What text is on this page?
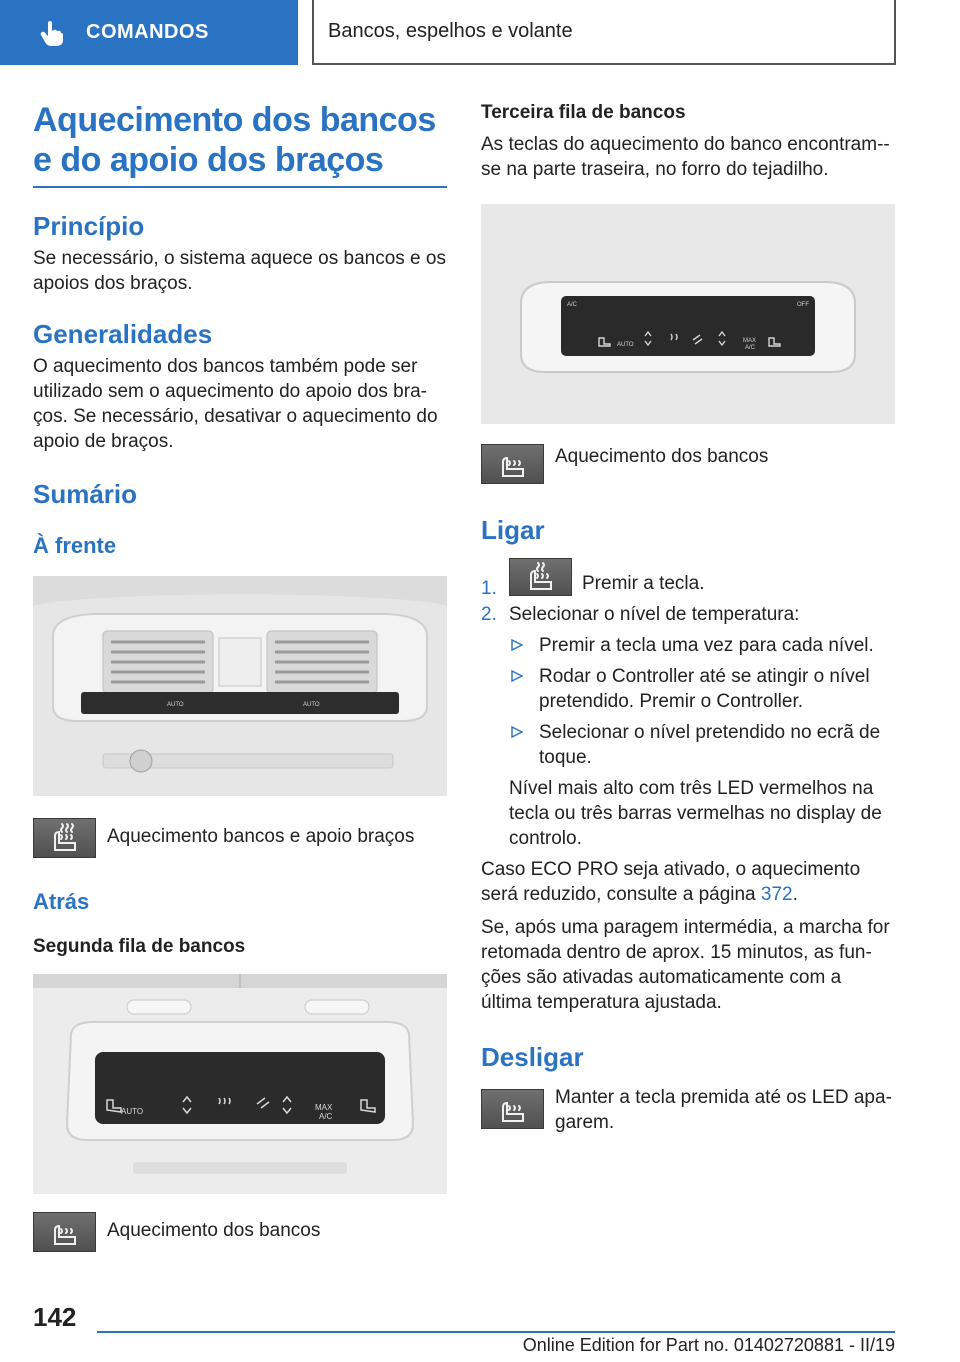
COMANDOS	Bancos, espelhos e volante
Aquecimento dos bancos e do apoio dos braços
Princípio

Se necessário, o sistema aquece os bancos e os apoios dos braços.

Generalidades

O aquecimento dos bancos também pode ser utilizado sem o aquecimento do apoio dos bra-ços. Se necessário, desativar o aquecimento do apoio de braços.

Sumário
À frente
AUTO	AUTO
Aquecimento bancos e apoio braços
Atrás
Segunda fila de bancos
AUTO	MAX
A/C
Aquecimento dos bancos
Terceira fila de bancos

As teclas do aquecimento do banco encontram--se na parte traseira, no forro do tejadilho.

A/C	OFF
AUTO
MAX
A/C
Aquecimento dos bancos
Ligar
1.	Premir a tecla.
2. Selecionar o nível de temperatura:
Premir a tecla uma vez para cada nível.
Rodar o Controller até se atingir o nível pretendido. Premir o Controller.
Selecionar o nível pretendido no ecrã de toque.

Nível mais alto com três LED vermelhos na tecla ou três barras vermelhas no display de controlo.

Caso ECO PRO seja ativado, o aquecimento será reduzido, consulte a página 372.

Se, após uma paragem intermédia, a marcha for retomada dentro de aprox. 15 minutos, as fun-ções são ativadas automaticamente com a última temperatura ajustada.

Desligar
Manter a tecla premida até os LED apa-garem.
142
Online Edition for Part no. 01402720881 - II/19
